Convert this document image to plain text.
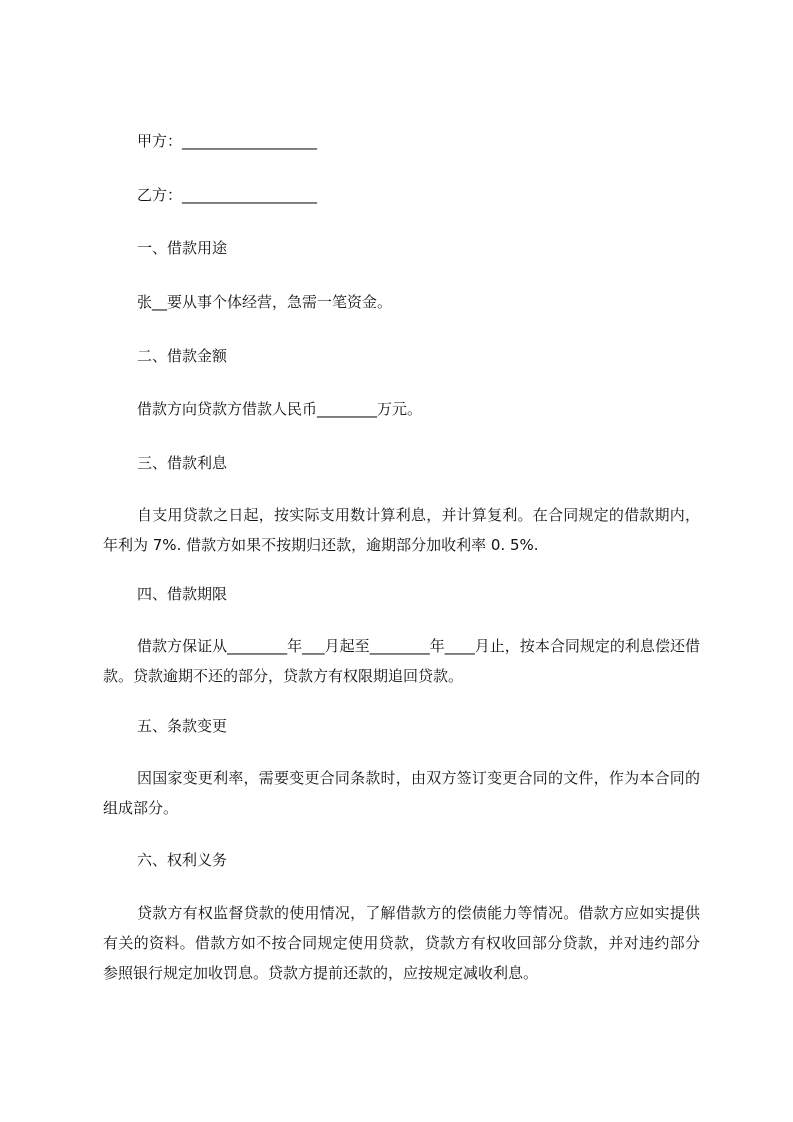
甲方：__________________
乙方：__________________
一、借款用途
张__要从事个体经营，急需一笔资金。
二、借款金额
借款方向贷款方借款人民币________万元。
三、借款利息
自支用贷款之日起，按实际支用数计算利息，并计算复利。在合同规定的借款期内，年利为 7%. 借款方如果不按期归还款，逾期部分加收利率 0. 5%.
四、借款期限
借款方保证从________年___月起至________年____月止，按本合同规定的利息偿还借款。贷款逾期不还的部分，贷款方有权限期追回贷款。
五、条款变更
因国家变更利率，需要变更合同条款时，由双方签订变更合同的文件，作为本合同的组成部分。
六、权利义务
贷款方有权监督贷款的使用情况，了解借款方的偿债能力等情况。借款方应如实提供有关的资料。借款方如不按合同规定使用贷款，贷款方有权收回部分贷款，并对违约部分参照银行规定加收罚息。贷款方提前还款的，应按规定减收利息。
